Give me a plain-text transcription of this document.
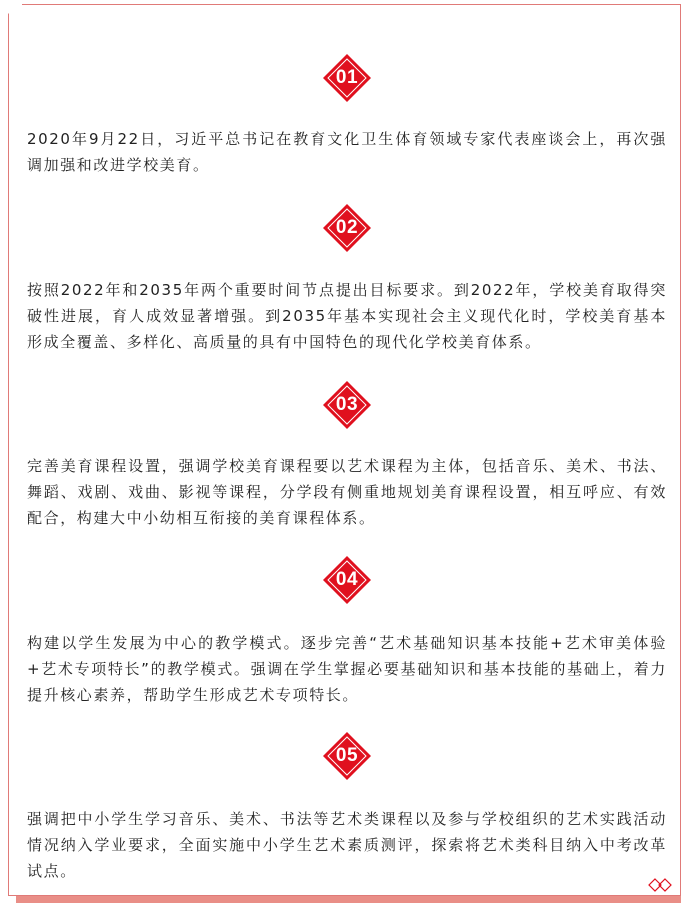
01

2020年9月22日，习近平总书记在教育文化卫生体育领域专家代表座谈会上，再次强调加强和改进学校美育。

02

按照2022年和2035年两个重要时间节点提出目标要求。到2022年，学校美育取得突破性进展，育人成效显著增强。到2035年基本实现社会主义现代化时，学校美育基本形成全覆盖、多样化、高质量的具有中国特色的现代化学校美育体系。

03

完善美育课程设置，强调学校美育课程要以艺术课程为主体，包括音乐、美术、书法、舞蹈、戏剧、戏曲、影视等课程，分学段有侧重地规划美育课程设置，相互呼应、有效配合，构建大中小幼相互衔接的美育课程体系。

04

构建以学生发展为中心的教学模式。逐步完善“艺术基础知识基本技能+艺术审美体验+艺术专项特长”的教学模式。强调在学生掌握必要基础知识和基本技能的基础上，着力提升核心素养，帮助学生形成艺术专项特长。

05

强调把中小学生学习音乐、美术、书法等艺术类课程以及参与学校组织的艺术实践活动情况纳入学业要求，全面实施中小学生艺术素质测评，探索将艺术类科目纳入中考改革试点。
